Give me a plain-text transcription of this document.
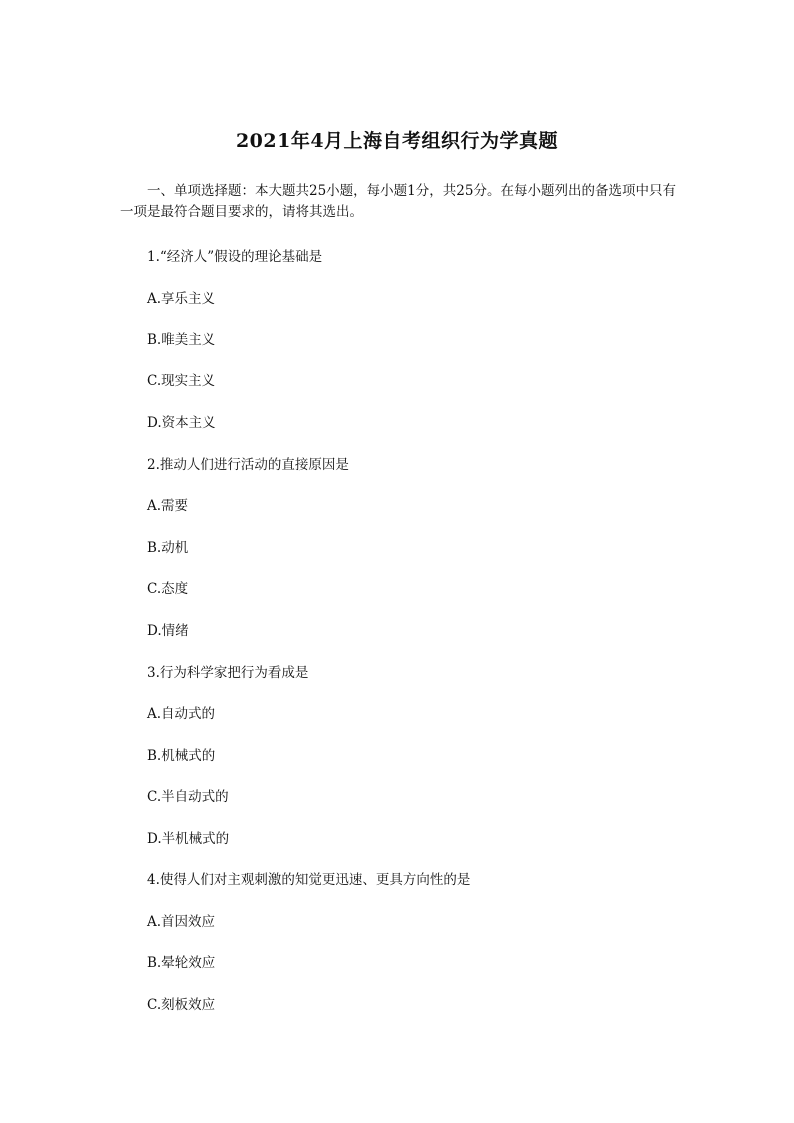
2021年4月上海自考组织行为学真题
一、单项选择题：本大题共25小题，每小题1分，共25分。在每小题列出的备选项中只有一项是最符合题目要求的，请将其选出。
1.“经济人”假设的理论基础是
A.享乐主义
B.唯美主义
C.现实主义
D.资本主义
2.推动人们进行活动的直接原因是
A.需要
B.动机
C.态度
D.情绪
3.行为科学家把行为看成是
A.自动式的
B.机械式的
C.半自动式的
D.半机械式的
4.使得人们对主观刺激的知觉更迅速、更具方向性的是
A.首因效应
B.晕轮效应
C.刻板效应
